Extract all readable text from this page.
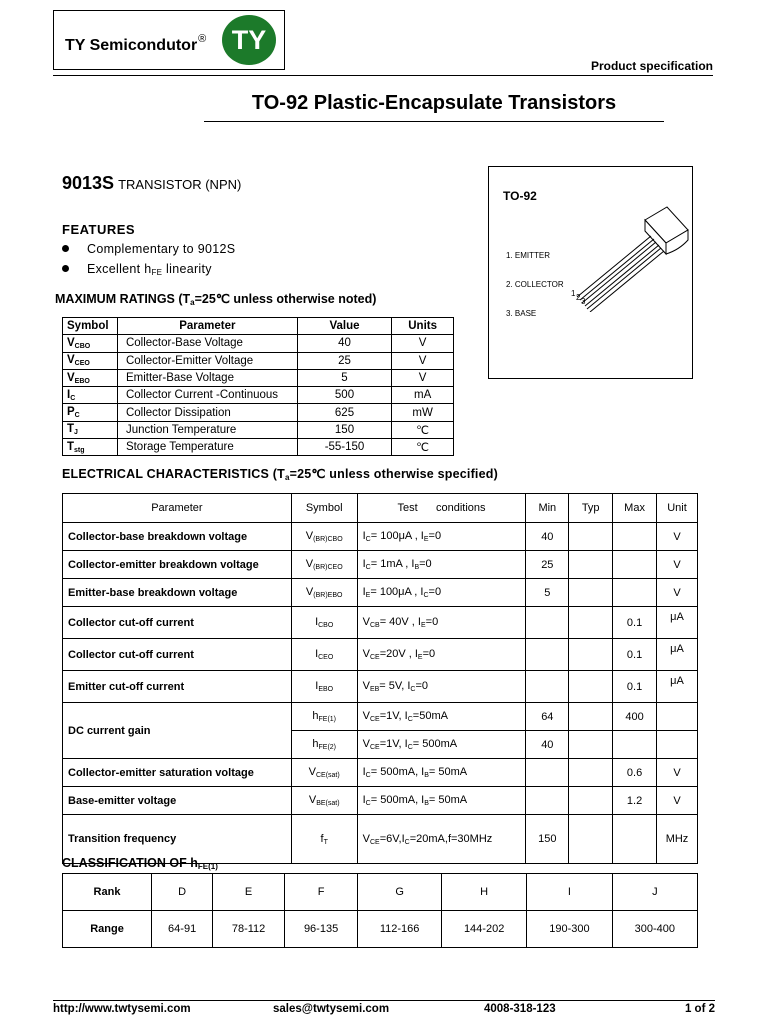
TY Semicondutor® TY
Product specification
TO-92 Plastic-Encapsulate Transistors
9013S TRANSISTOR (NPN)
FEATURES
Complementary to 9012S
Excellent $h_{FE}$ linearity
MAXIMUM RATINGS ($T_a=25℃$ unless otherwise noted)
Symbol	Parameter	Value	Units
$V_{CBO}$	Collector-Base Voltage	40	V
$V_{CEO}$	Collector-Emitter Voltage	25	V
$V_{EBO}$	Emitter-Base Voltage	5	V
$I_C$	Collector Current -Continuous	500	mA
$P_C$	Collector Dissipation	625	mW
$T_J$	Junction Temperature	150	℃
$T_{stg}$	Storage Temperature	-55-150	℃
TO-92
1. EMITTER
2. COLLECTOR
3. BASE
1 2 3
ELECTRICAL CHARACTERISTICS ($T_a=25℃$ unless otherwise specified)
Parameter	Symbol	Test      conditions	Min	Typ	Max	Unit
Collector-base breakdown voltage	$V_{(BR)CBO}$	$I_C= 100\mu A$ , $I_E=0$	40			V
Collector-emitter breakdown voltage	$V_{(BR)CEO}$	$I_C= 1mA$ , $I_B=0$	25			V
Emitter-base breakdown voltage	$V_{(BR)EBO}$	$I_E= 100\mu A$ , $I_C=0$	5			V
Collector cut-off current	$I_{CBO}$	$V_{CB}= 40V$ , $I_E=0$			0.1	μA
Collector cut-off current	$I_{CEO}$	$V_{CE}=20V$ , $I_E=0$			0.1	μA
Emitter cut-off current	$I_{EBO}$	$V_{EB}= 5V$, $I_C=0$			0.1	μA
DC current gain	$h_{FE(1)}$	$V_{CE}=1V$, $I_C=50mA$	64		400	
	$h_{FE(2)}$	$V_{CE}=1V$, $I_C= 500mA$	40			
Collector-emitter saturation voltage	$V_{CE(sat)}$	$I_C= 500mA$, $I_B= 50mA$			0.6	V
Base-emitter voltage	$V_{BE(sat)}$	$I_C= 500mA$, $I_B= 50mA$			1.2	V
Transition frequency	$f_T$	$V_{CE}=6V,I_C=20mA,f=30MHz$	150			MHz
CLASSIFICATION OF $h_{FE(1)}$
Rank	D	E	F	G	H	I	J
Range	64-91	78-112	96-135	112-166	144-202	190-300	300-400
http://www.twtysemi.com	sales@twtysemi.com	4008-318-123	1 of 2
